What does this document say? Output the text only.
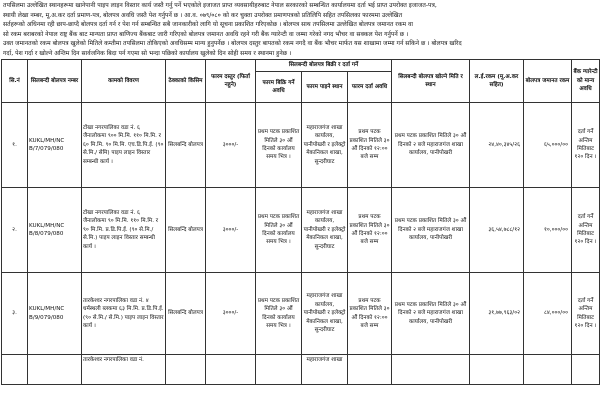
तपसिलमा उल्लेखित स्थानहरूमा खानेपानी पाइप लाइन विस्तार कार्य जस्तै गर्नु पर्ने भएकोले इजाजत प्राप्त व्यवसायीहरुबाट नेपाल सरकारको सम्बन्धित कार्यालयमा दर्ता भई प्राप्त उपरोक्त इजाजत-पत्र,

स्थायी लेखा नम्बर, मू.अ.कर दर्ता प्रमाण-पत्र, बोलपत्र अवधि जस्तै पेश गर्नुपर्ने छ । आ.व. ०७९/०८० को कर चुक्ता उपरोक्त प्रमाणपत्रको प्रतिलिपि सहित तपसिलका फारममा उल्लेखित

सर्तहरूको अधिनमा रही छाप-छाप्दै बोलपत्र दर्ता गर्न र पेश गर्न सम्बन्धित सबै जानकारीको लागि यो सूचना प्रकाशित गरिएकोछ । बोलपत्र साथ तपसिलमा उल्लेखित बोलपत्र जमानत रकम वा

सो रकम बराबरको नेपाल राष्ट्र बैंक बाट मान्यता प्राप्त बाणिज्य बैंकबाट जारी गरिएको बोलपत्र जमानत अवधि रहने गरी बैंक ग्यारेन्टी वा जम्मा गरेको नगद भौचर वा सक्कल पेश गर्नुपर्ने छ ।

उक्त जमानतको रकम बोलपत्र खुलेको मितिले कम्तीमा तपसिलमा तोकिएको अवधिसम्म मान्य हुनुपर्नेछ । बोलपत्र दस्तुर बापतको रकम नगदै वा बैंक भौचर मार्फत यस शाखामा जम्मा गर्न सकिने छ । बोलपत्र खरिद

गर्दा, पेश गर्दा र खोल्ने अन्तिम दिन सार्वजनिक बिदा पर्न गएमा सो भन्दा पछिको कार्यालय खुलेको दिन सोही समय र स्थानमा हुनेछ ।

सि.नं	सिलबन्दी बोलपत्र नम्बर	कामको विवरण	ठेक्काको किसिम	फारम दस्तुर (फिर्ता नहुने)	सिलबन्दी बोलपत्र बिक्री र दर्ता गर्ने			सिलबन्दी बोलपत्र खोल्ने मिति र स्थान	ल.ई.रकम (मू.अ.कर सहित)	बोलपत्र जमानत रकम	बैंक ग्यारेन्टी को मान्य अवधि
					फारम बिक्रि गर्ने अवधि	फारम पाइने स्थान	फारम दर्ता अवधि				
१.	KUKL/MH/NC B/7/079/080	टोखा नगरपालिका वडा नं. ६ जैनालोकमा ९०० मि.मि. ११० मि.मि. र ६० मि.मि. ९० मि.मि. एच.डि.पि.ई. (९० से.मि./ सेमि) पाइप लाइन विस्तार सम्बन्धी कार्य ।	सिलबन्दि बोलपत्र	३०००/-	प्रथम पटक प्रकाशित मितिले ३० औं दिनको कार्यालय समय भित्र ।	महाराजगंज शाखा कार्यालय, पानीपोखरी र इलेक्ट्रो मेकानिकल शाखा, सुन्दरीघाट	प्रथम पटक प्रकाशित मितिले ३० औं दिनको १२:०० बजे सम्म	प्रथम पटक प्रकाशित मितिले ३० औं दिनको २ बजे महाराजगंज शाखा कार्यालय, पानीपोखरी	२४,४०,३४५/२६	६५,०००/००	दर्ता गर्ने अन्तिम मितिबाट १२० दिन ।
२.	KUKL/MH/NC B/8/079/080	टोखा नगरपालिका वडा नं. ६ जैनालोकमा ९० मि.मि. ११० मि.मि. र ९० मि.मि. प्र.डि.पि.ई. (९० से.मि./ से.मि.) पाइप लाइन विस्तार सम्बन्धी कार्य ।	सिलबन्दि बोलपत्र	३०००/-	प्रथम पटक प्रकाशित मितिले ३० औं दिनको कार्यालय समय भित्र ।	महाराजगंज शाखा कार्यालय, पानीपोखरी र इलेक्ट्रो मेकानिकल शाखा, सुन्दरीघाट	प्रथम पटक प्रकाशित मितिले ३० औं दिनको १२:०० बजे सम्म	प्रथम पटक प्रकाशित मितिले ३० औं दिनको २ बजे महाराजगंज शाखा कार्यालय, पानीपोखरी	३६,५४,७८८/१२	१०,०००/००	दर्ता गर्ने अन्तिम मितिबाट १२० दिन ।
३.	KUKL/MH/NC B/9/079/080	तारकेश्वर नगरपालिका वडा नं. ४ धर्मस्थली ब्लकमा ६३ मि.मि. प्र.डि.पि.ई. (९० से.मि./ से.मि.) पाइप लाइन विस्तार कार्य ।	सिलबन्दि बोलपत्र	३०००/-	प्रथम पटक प्रकाशित मितिले ३० औं दिनको कार्यालय समय भित्र ।	महाराजगंज शाखा कार्यालय, पानीपोखरी र इलेक्ट्रो मेकानिकल शाखा, सुन्दरीघाट	प्रथम पटक प्रकाशित मितिले ३० औं दिनको १२:०० बजे सम्म	प्रथम पटक प्रकाशित मितिले ३० औं दिनको २ बजे महाराजगंज शाखा कार्यालय, पानीपोखरी	३१,७७,९६३/०२	८४,०००/००	दर्ता गर्ने अन्तिम मितिबाट १२० दिन ।
		तारकेश्वर नगरपालिका वडा नं.				महाराजगंज शाखा					
